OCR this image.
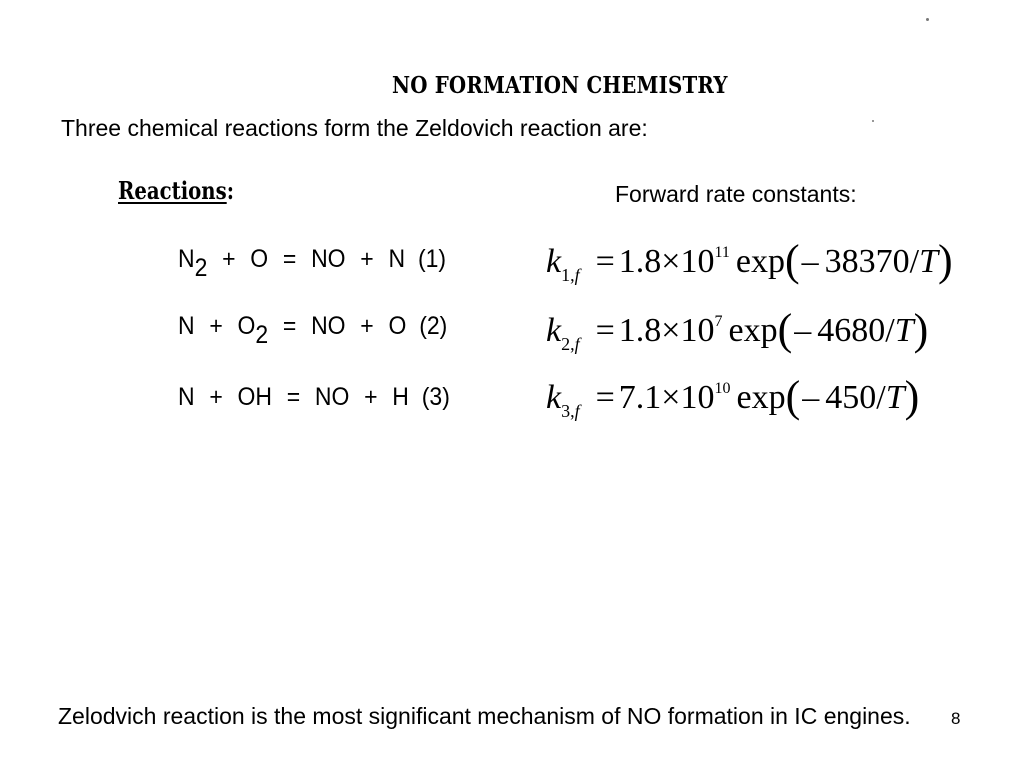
NO FORMATION CHEMISTRY
Three chemical reactions form the Zeldovich reaction are:
Reactions:	Forward rate constants:
N2 + O = NO + N (1)
N + O2 = NO + O (2)
N + OH = NO + H (3)
$k_{1,f} = 1.8\times 10^{11}$ exp(– 38370/T)
$k_{2,f} = 1.8\times 10^7$ exp(– 4680/T)
$k_{3,f} = 7.1\times 10^{10}$ exp(– 450/T)
Zelodvich reaction is the most significant mechanism of NO formation in IC engines.	8
